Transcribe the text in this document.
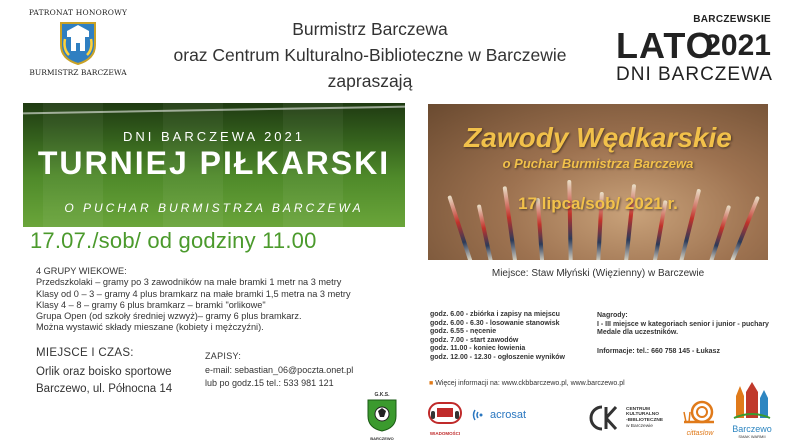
PATRONAT HONOROWY
BURMISTRZ BARCZEWA
Burmistrz Barczewa
oraz Centrum Kulturalno-Biblioteczne w Barczewie
zapraszają
BARCZEWSKIE
LATO
2021
DNI BARCZEWA
DNI BARCZEWA 2021
TURNIEJ PIŁKARSKI
O PUCHAR BURMISTRZA BARCZEWA
17.07./sob/ od godziny 11.00
4 GRUPY WIEKOWE:
Przedszkolaki – gramy po 3 zawodników na małe bramki 1 metr na 3 metry
Klasy od 0 – 3 – gramy 4 plus bramkarz na małe bramki 1,5 metra na 3 metry
Klasy 4 – 8 – gramy 6 plus bramkarz – bramki "orlikowe"
Grupa Open (od szkoły średniej wzwyż)– gramy 6 plus bramkarz.
Można wystawić składy mieszane (kobiety i mężczyźni).
MIEJSCE I CZAS:
Orlik oraz boisko sportowe
Barczewo, ul. Północna 14
ZAPISY:
e-mail: sebastian_06@poczta.onet.pl
lub po godz.15 tel.: 533 981 121
Zawody Wędkarskie
o Puchar Burmistrza Barczewa
17 lipca/sob/ 2021 r.
Miejsce: Staw Młyński (Więzienny) w Barczewie
godz. 6.00 - zbiórka i zapisy na miejscu
godz. 6.00 - 6.30 - losowanie stanowisk
godz. 6.55 - nęcenie
godz. 7.00 - start zawodów
godz. 11.00 - koniec łowienia
godz. 12.00 - 12.30 - ogłoszenie wyników
Nagrody:
I - III miejsce w kategoriach senior i junior - puchary
Medale dla uczestników.
Informacje: tel.: 660 758 145 - Łukasz
■ Więcej informacji na: www.ckbbarczewo.pl, www.barczewo.pl
G.K.S.
BARCZEWO
WIADOMOŚCI
acrosat	CENTRUM
KULTURALNO
-BIBLIOTECZNE
w Barczewie
cittaslow	Barczewo
SMAK WARMII
